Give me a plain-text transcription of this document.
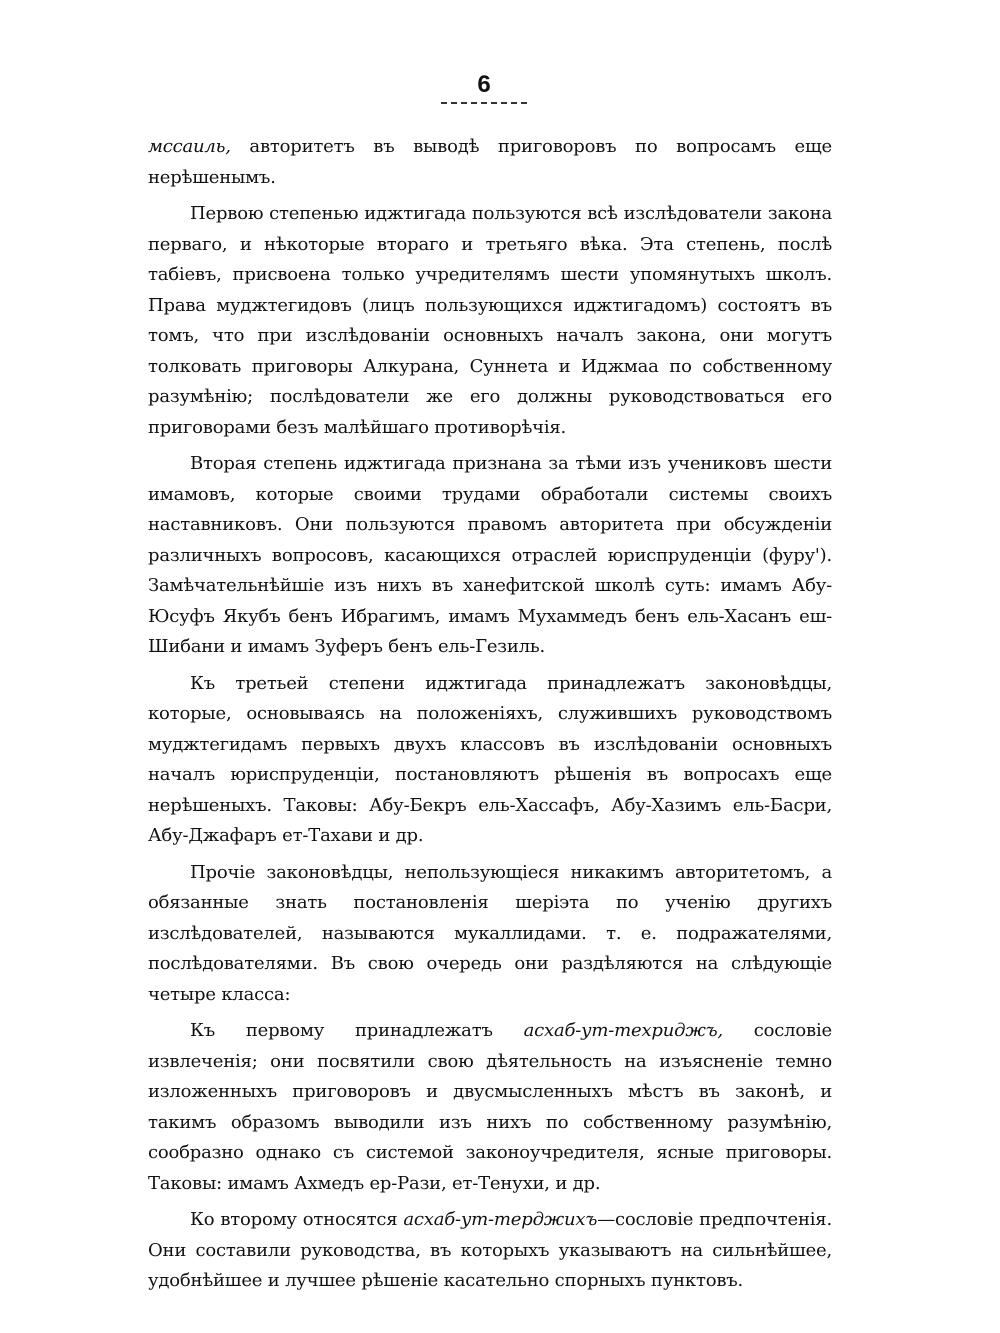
6
мссаиль, авторитетъ въ выводѣ приговоровъ по вопросамъ еще нерѣшенымъ.
Первою степенью иджтигада пользуются всѣ изслѣдователи закона перваго, и нѣкоторые втораго и третьяго вѣка. Эта степень, послѣ табіевъ, присвоена только учредителямъ шести упомянутыхъ школъ. Права муджтегидовъ (лицъ пользующихся иджтигадомъ) состоятъ въ томъ, что при изслѣдованіи основныхъ началъ закона, они могутъ толковать приговоры Алкурана, Суннета и Иджмаа по собственному разумѣнію; послѣдователи же его должны руководствоваться его приговорами безъ малѣйшаго противорѣчія.
Вторая степень иджтигада признана за тѣми изъ учениковъ шести имамовъ, которые своими трудами обработали системы своихъ наставниковъ. Они пользуются правомъ авторитета при обсужденіи различныхъ вопросовъ, касающихся отраслей юриспруденціи (фуру'). Замѣчательнѣйшіе изъ нихъ въ ханефитской школѣ суть: имамъ Абу-Юсуфъ Якубъ бенъ Ибрагимъ, имамъ Мухаммедъ бенъ ель-Хасанъ еш-Шибани и имамъ Зуферъ бенъ ель-Гезиль.
Къ третьей степени иджтигада принадлежатъ законовѣдцы, которые, основываясь на положеніяхъ, служившихъ руководствомъ муджтегидамъ первыхъ двухъ классовъ въ изслѣдованіи основныхъ началъ юриспруденціи, постановляютъ рѣшенія въ вопросахъ еще нерѣшеныхъ. Таковы: Абу-Бекръ ель-Хассафъ, Абу-Хазимъ ель-Басри, Абу-Джафаръ ет-Тахави и др.
Прочіе законовѣдцы, непользующіеся никакимъ авторитетомъ, а обязанные знать постановленія шеріэта по ученію другихъ изслѣдователей, называются мукаллидами. т. е. подражателями, послѣдователями. Въ свою очередь они раздѣляются на слѣдующіе четыре класса:
Къ первому принадлежатъ асхаб-ут-техриджъ, сословіе извлеченія; они посвятили свою дѣятельность на изъясненіе темно изложенныхъ приговоровъ и двусмысленныхъ мѣстъ въ законѣ, и такимъ образомъ выводили изъ нихъ по собственному разумѣнію, сообразно однако съ системой законоучредителя, ясные приговоры. Таковы: имамъ Ахмедъ ер-Рази, ет-Тенухи, и др.
Ко второму относятся асхаб-ут-терджихъ—сословіе предпочтенія. Они составили руководства, въ которыхъ указываютъ на сильнѣйшее, удобнѣйшее и лучшее рѣшеніе касательно спорныхъ пунктовъ.
